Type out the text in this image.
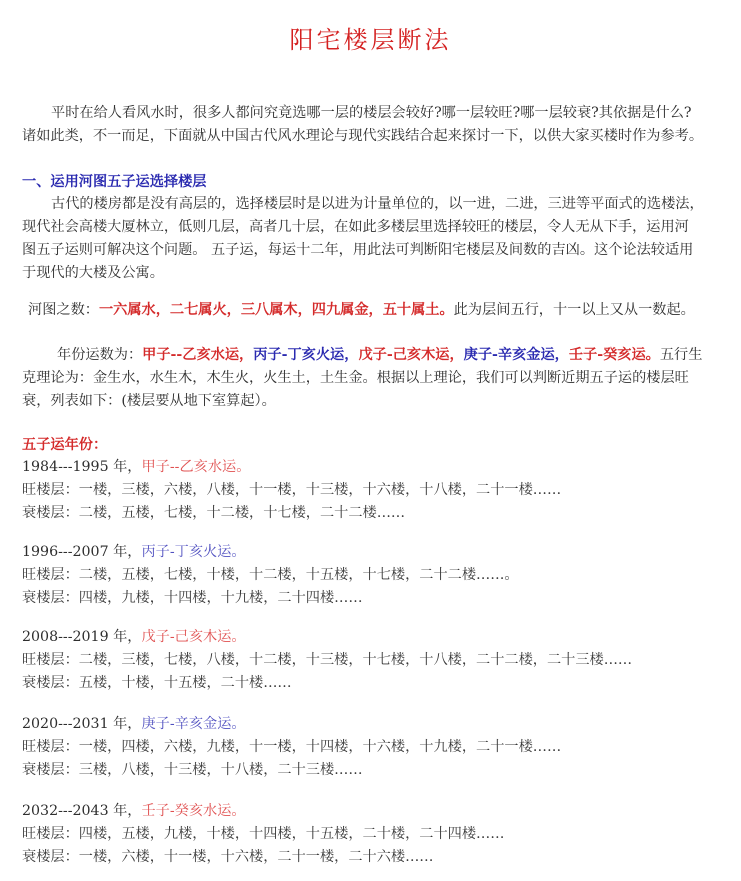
阳宅楼层断法
平时在给人看风水时，很多人都问究竟选哪一层的楼层会较好?哪一层较旺?哪一层较衰?其依据是什么?
诸如此类，不一而足，下面就从中国古代风水理论与现代实践结合起来探讨一下，以供大家买楼时作为参考。
一、运用河图五子运选择楼层
古代的楼房都是没有高层的，选择楼层时是以进为计量单位的，以一进，二进，三进等平面式的选楼法，
现代社会高楼大厦林立，低则几层，高者几十层，在如此多楼层里选择较旺的楼层，令人无从下手，运用河
图五子运则可解决这个问题。 五子运，每运十二年，用此法可判断阳宅楼层及间数的吉凶。这个论法较适用
于现代的大楼及公寓。
河图之数：一六属水，二七属火，三八属木，四九属金，五十属土。此为层间五行，十一以上又从一数起。
年份运数为：甲子--乙亥水运，丙子-丁亥火运，戊子-己亥木运，庚子-辛亥金运，壬子-癸亥运。五行生
克理论为：金生水，水生木，木生火，火生土，土生金。根据以上理论，我们可以判断近期五子运的楼层旺
衰，列表如下：(楼层要从地下室算起）。
五子运年份：
1984---1995 年，甲子--乙亥水运。
旺楼层：一楼，三楼，六楼，八楼，十一楼，十三楼，十六楼，十八楼，二十一楼……
衰楼层：二楼，五楼，七楼，十二楼，十七楼，二十二楼……
1996---2007 年，丙子-丁亥火运。
旺楼层：二楼，五楼，七楼，十楼，十二楼，十五楼，十七楼，二十二楼……。
衰楼层：四楼，九楼，十四楼，十九楼，二十四楼……
2008---2019 年，戊子-己亥木运。
旺楼层：二楼，三楼，七楼，八楼，十二楼，十三楼，十七楼，十八楼，二十二楼，二十三楼……
衰楼层：五楼，十楼，十五楼，二十楼……
2020---2031 年，庚子-辛亥金运。
旺楼层：一楼，四楼，六楼，九楼，十一楼，十四楼，十六楼，十九楼，二十一楼……
衰楼层：三楼，八楼，十三楼，十八楼，二十三楼……
2032---2043 年，壬子-癸亥水运。
旺楼层：四楼，五楼，九楼，十楼，十四楼，十五楼，二十楼，二十四楼……
衰楼层：一楼，六楼，十一楼，十六楼，二十一楼，二十六楼……
